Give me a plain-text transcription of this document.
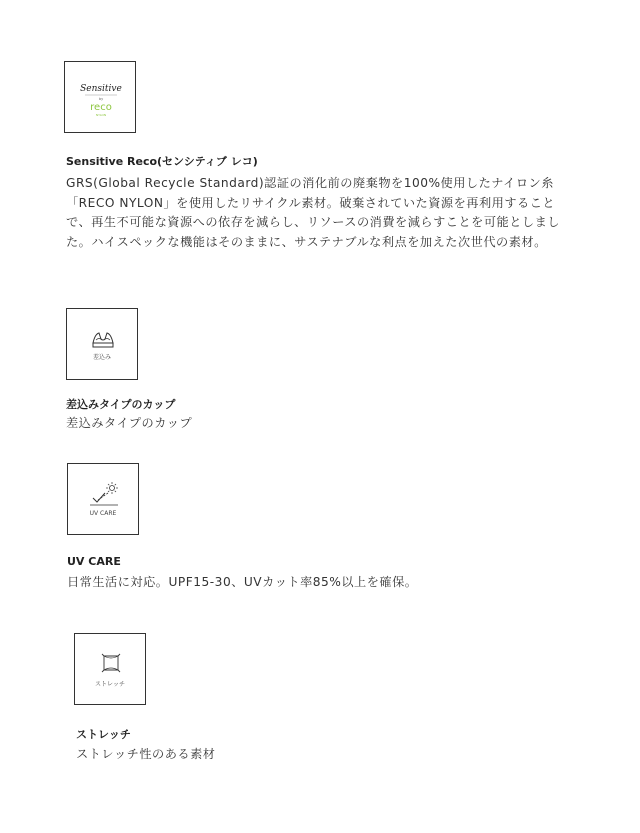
Sensitive
by
reco
NYLON
Sensitive Reco(センシティブ レコ)
GRS(Global Recycle Standard)認証の消化前の廃棄物を100%使用したナイロン糸「RECO NYLON」を使用したリサイクル素材。破棄されていた資源を再利用することで、再生不可能な資源への依存を減らし、リソースの消費を減らすことを可能としました。ハイスペックな機能はそのままに、サステナブルな利点を加えた次世代の素材。
差込み
差込みタイプのカップ
差込みタイプのカップ
UV CARE
UV CARE
日常生活に対応。UPF15-30、UVカット率85%以上を確保。
ストレッチ
ストレッチ
ストレッチ性のある素材
